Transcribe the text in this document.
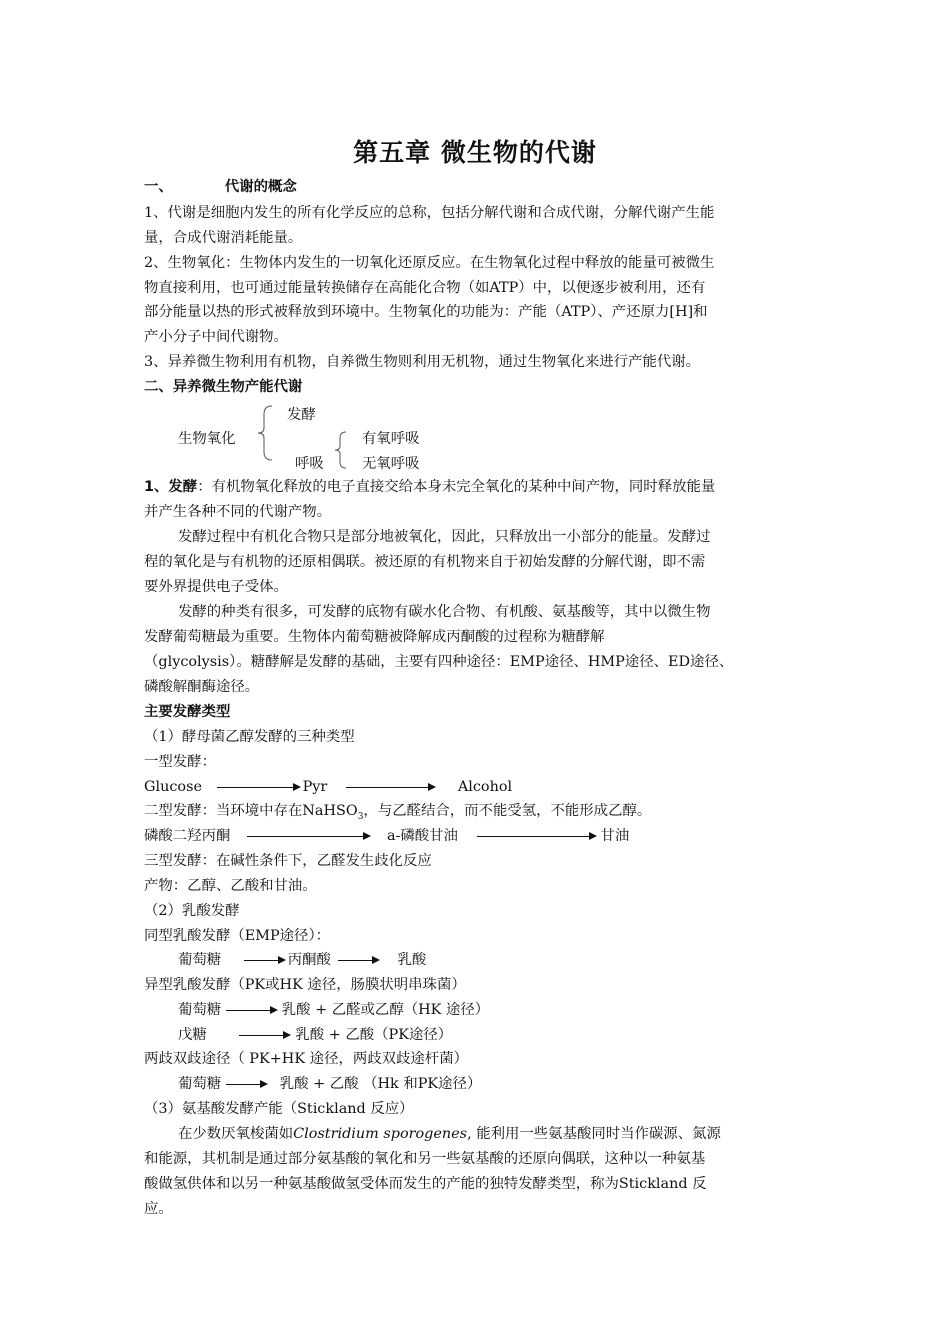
第五章 微生物的代谢
一、	代谢的概念
1、代谢是细胞内发生的所有化学反应的总称，包括分解代谢和合成代谢，分解代谢产生能
量，合成代谢消耗能量。
2、生物氧化：生物体内发生的一切氧化还原反应。在生物氧化过程中释放的能量可被微生
物直接利用，也可通过能量转换储存在高能化合物（如ATP）中，以便逐步被利用，还有
部分能量以热的形式被释放到环境中。生物氧化的功能为：产能（ATP）、产还原力[H]和
产小分子中间代谢物。
3、异养微生物利用有机物，自养微生物则利用无机物，通过生物氧化来进行产能代谢。
二、异养微生物产能代谢
发酵
生物氧化	有氧呼吸
呼吸	无氧呼吸
1、发酵：有机物氧化释放的电子直接交给本身未完全氧化的某种中间产物，同时释放能量
并产生各种不同的代谢产物。
发酵过程中有机化合物只是部分地被氧化，因此，只释放出一小部分的能量。发酵过
程的氧化是与有机物的还原相偶联。被还原的有机物来自于初始发酵的分解代谢，即不需
要外界提供电子受体。
发酵的种类有很多，可发酵的底物有碳水化合物、有机酸、氨基酸等，其中以微生物
发酵葡萄糖最为重要。生物体内葡萄糖被降解成丙酮酸的过程称为糖酵解
（glycolysis）。糖酵解是发酵的基础，主要有四种途径：EMP途径、HMP途径、ED途径、
磷酸解酮酶途径。
主要发酵类型
（1）酵母菌乙醇发酵的三种类型
一型发酵：
Glucose	Pyr	Alcohol
二型发酵：当环境中存在NaHSO$_3$，与乙醛结合，而不能受氢，不能形成乙醇。
磷酸二羟丙酮	a-磷酸甘油	甘油
三型发酵：在碱性条件下，乙醛发生歧化反应
产物：乙醇、乙酸和甘油。
（2）乳酸发酵
同型乳酸发酵（EMP途径）：
葡萄糖	丙酮酸	乳酸
异型乳酸发酵（PK或HK 途径，肠膜状明串珠菌）
葡萄糖	乳酸 + 乙醛或乙醇（HK 途径）
戊糖	乳酸 + 乙酸（PK途径）
两歧双歧途径（ PK+HK 途径，两歧双歧途杆菌）
葡萄糖	乳酸 + 乙酸 （Hk 和PK途径）
（3）氨基酸发酵产能（Stickland 反应）
在少数厌氧梭菌如Clostridium sporogenes, 能利用一些氨基酸同时当作碳源、氮源
和能源，其机制是通过部分氨基酸的氧化和另一些氨基酸的还原向偶联，这种以一种氨基
酸做氢供体和以另一种氨基酸做氢受体而发生的产能的独特发酵类型，称为Stickland 反
应。
